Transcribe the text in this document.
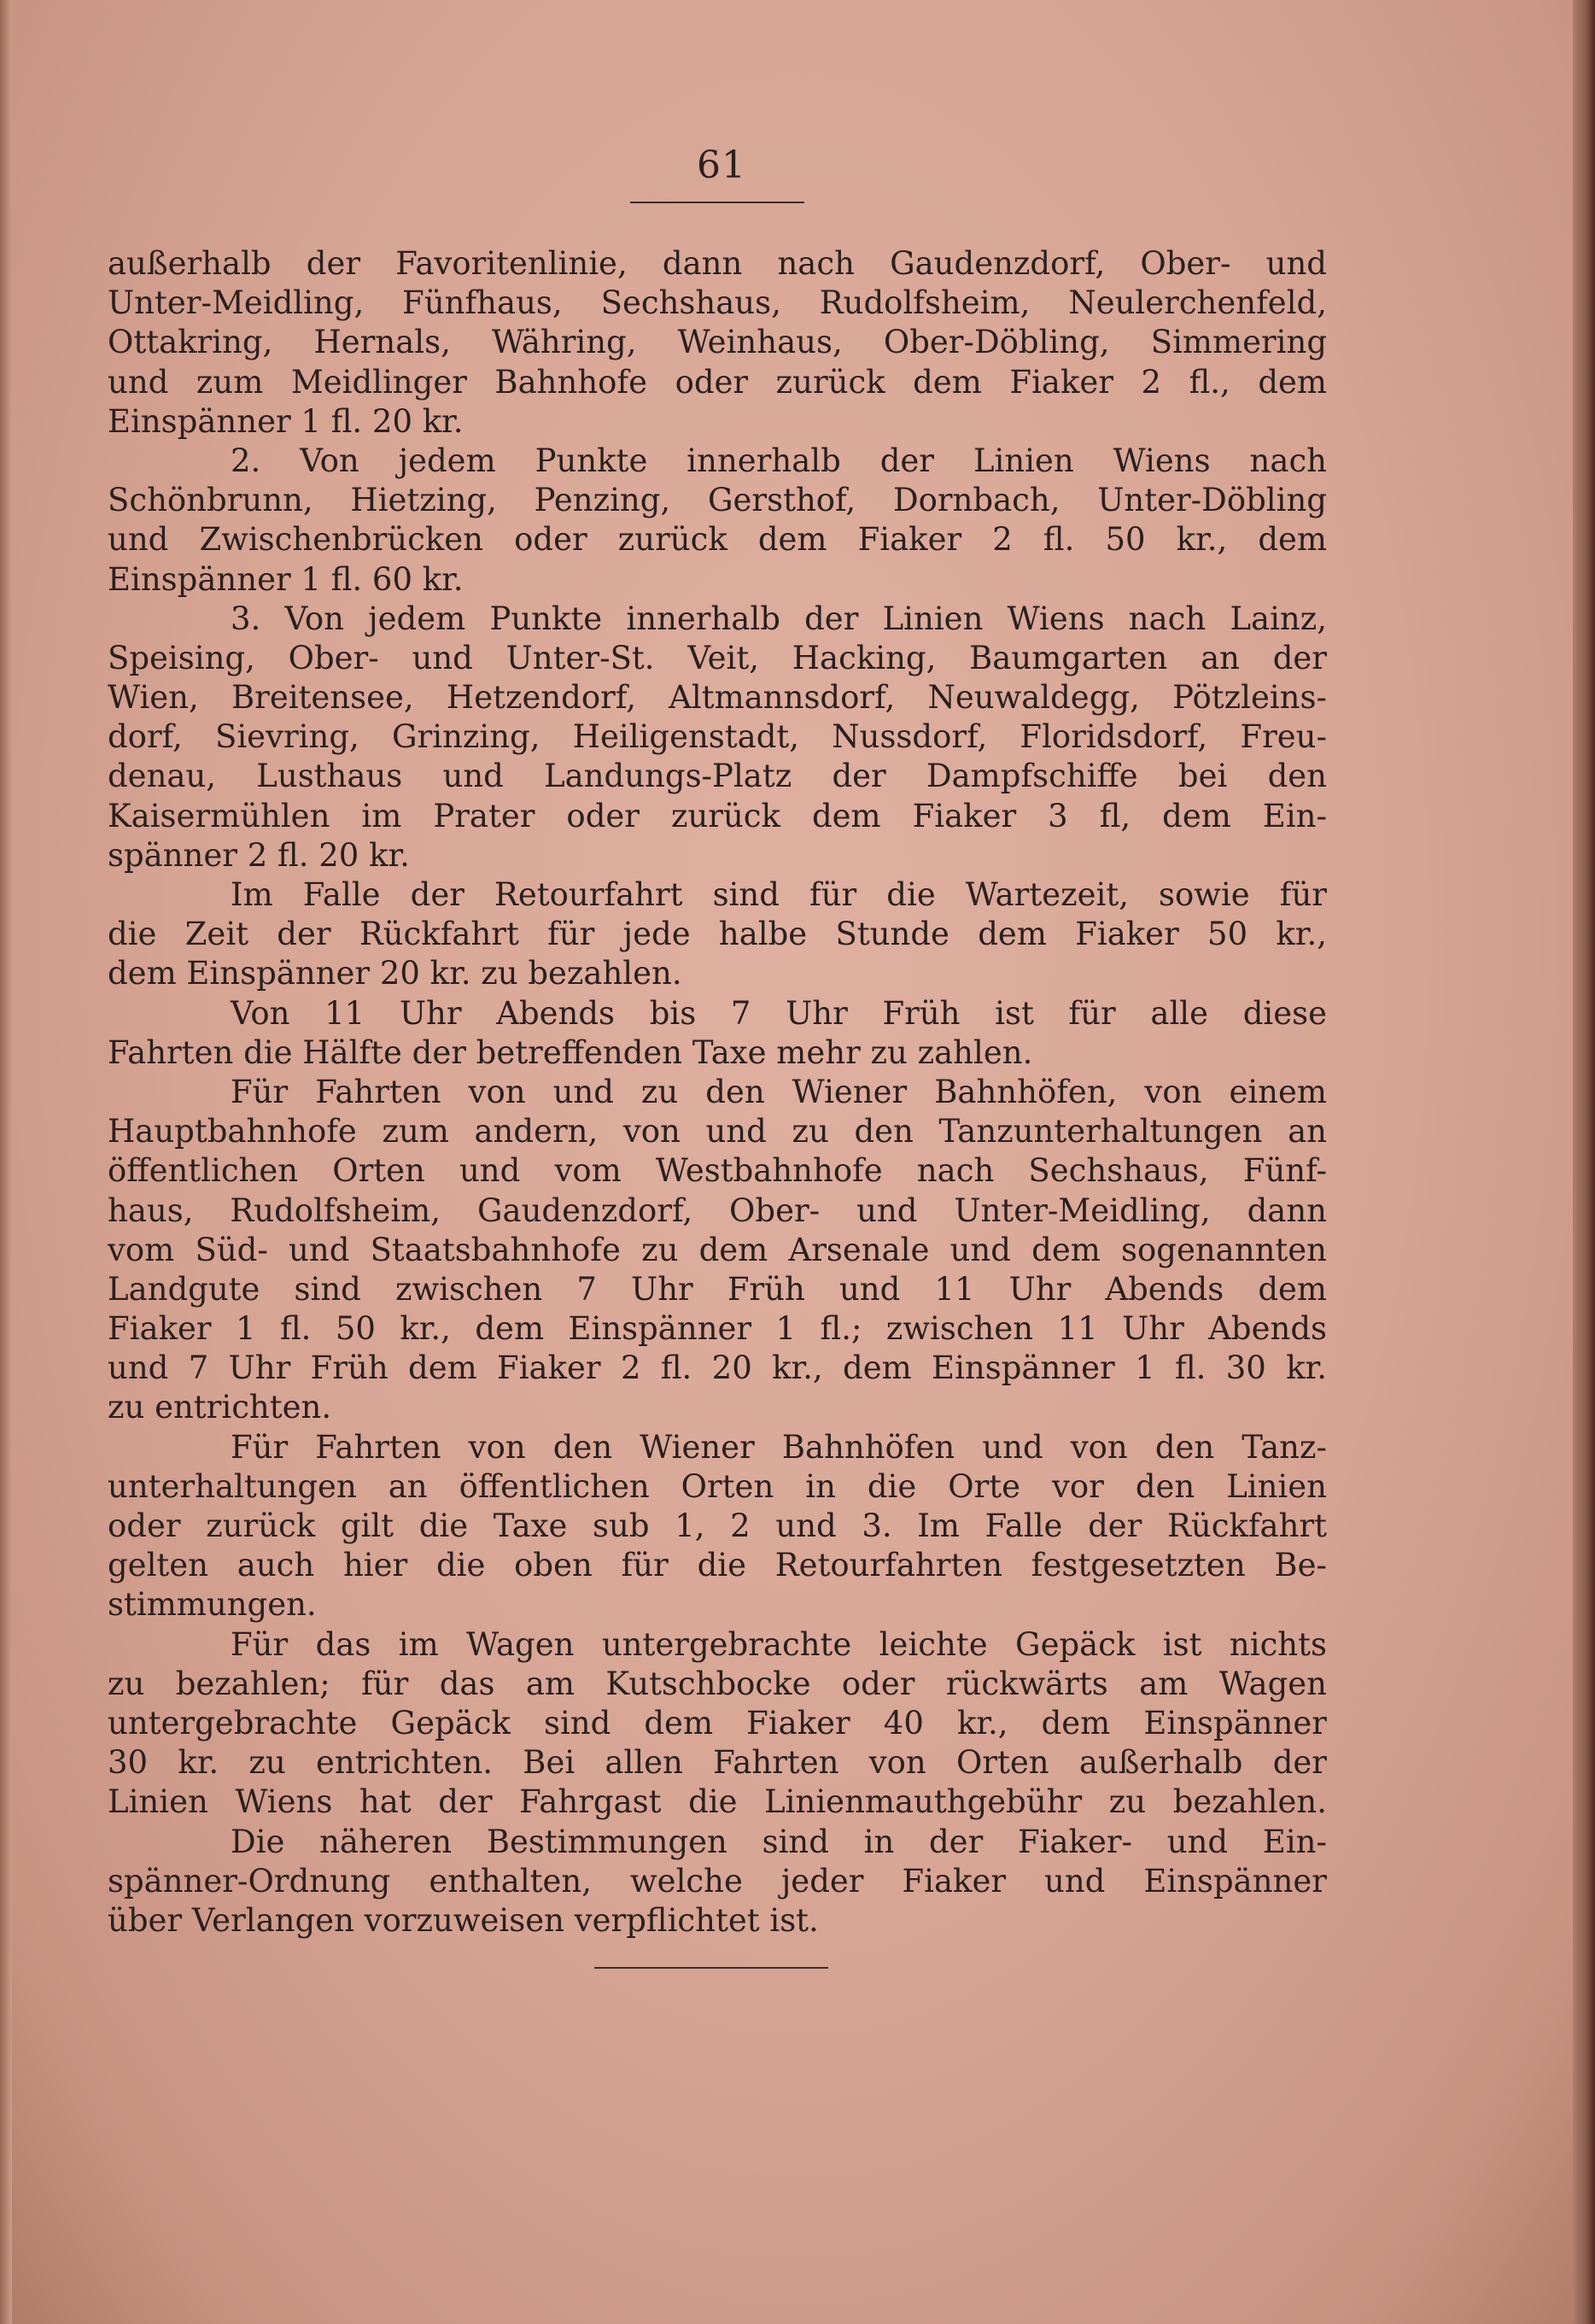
61
außerhalb der Favoritenlinie, dann nach Gaudenzdorf, Ober- und
Unter-Meidling, Fünfhaus, Sechshaus, Rudolfsheim, Neulerchenfeld,
Ottakring, Hernals, Währing, Weinhaus, Ober-Döbling, Simmering
und zum Meidlinger Bahnhofe oder zurück dem Fiaker 2 fl., dem
Einspänner 1 fl. 20 kr.
2. Von jedem Punkte innerhalb der Linien Wiens nach
Schönbrunn, Hietzing, Penzing, Gersthof, Dornbach, Unter-Döbling
und Zwischenbrücken oder zurück dem Fiaker 2 fl. 50 kr., dem
Einspänner 1 fl. 60 kr.
3. Von jedem Punkte innerhalb der Linien Wiens nach Lainz,
Speising, Ober- und Unter-St. Veit, Hacking, Baumgarten an der
Wien, Breitensee, Hetzendorf, Altmannsdorf, Neuwaldegg, Pötzleins-
dorf, Sievring, Grinzing, Heiligenstadt, Nussdorf, Floridsdorf, Freu-
denau, Lusthaus und Landungs-Platz der Dampfschiffe bei den
Kaisermühlen im Prater oder zurück dem Fiaker 3 fl, dem Ein-
spänner 2 fl. 20 kr.
Im Falle der Retourfahrt sind für die Wartezeit, sowie für
die Zeit der Rückfahrt für jede halbe Stunde dem Fiaker 50 kr.,
dem Einspänner 20 kr. zu bezahlen.
Von 11 Uhr Abends bis 7 Uhr Früh ist für alle diese
Fahrten die Hälfte der betreffenden Taxe mehr zu zahlen.
Für Fahrten von und zu den Wiener Bahnhöfen, von einem
Hauptbahnhofe zum andern, von und zu den Tanzunterhaltungen an
öffentlichen Orten und vom Westbahnhofe nach Sechshaus, Fünf-
haus, Rudolfsheim, Gaudenzdorf, Ober- und Unter-Meidling, dann
vom Süd- und Staatsbahnhofe zu dem Arsenale und dem sogenannten
Landgute sind zwischen 7 Uhr Früh und 11 Uhr Abends dem
Fiaker 1 fl. 50 kr., dem Einspänner 1 fl.; zwischen 11 Uhr Abends
und 7 Uhr Früh dem Fiaker 2 fl. 20 kr., dem Einspänner 1 fl. 30 kr.
zu entrichten.
Für Fahrten von den Wiener Bahnhöfen und von den Tanz-
unterhaltungen an öffentlichen Orten in die Orte vor den Linien
oder zurück gilt die Taxe sub 1, 2 und 3. Im Falle der Rückfahrt
gelten auch hier die oben für die Retourfahrten festgesetzten Be-
stimmungen.
Für das im Wagen untergebrachte leichte Gepäck ist nichts
zu bezahlen; für das am Kutschbocke oder rückwärts am Wagen
untergebrachte Gepäck sind dem Fiaker 40 kr., dem Einspänner
30 kr. zu entrichten. Bei allen Fahrten von Orten außerhalb der
Linien Wiens hat der Fahrgast die Linienmauthgebühr zu bezahlen.
Die näheren Bestimmungen sind in der Fiaker- und Ein-
spänner-Ordnung enthalten, welche jeder Fiaker und Einspänner
über Verlangen vorzuweisen verpflichtet ist.
